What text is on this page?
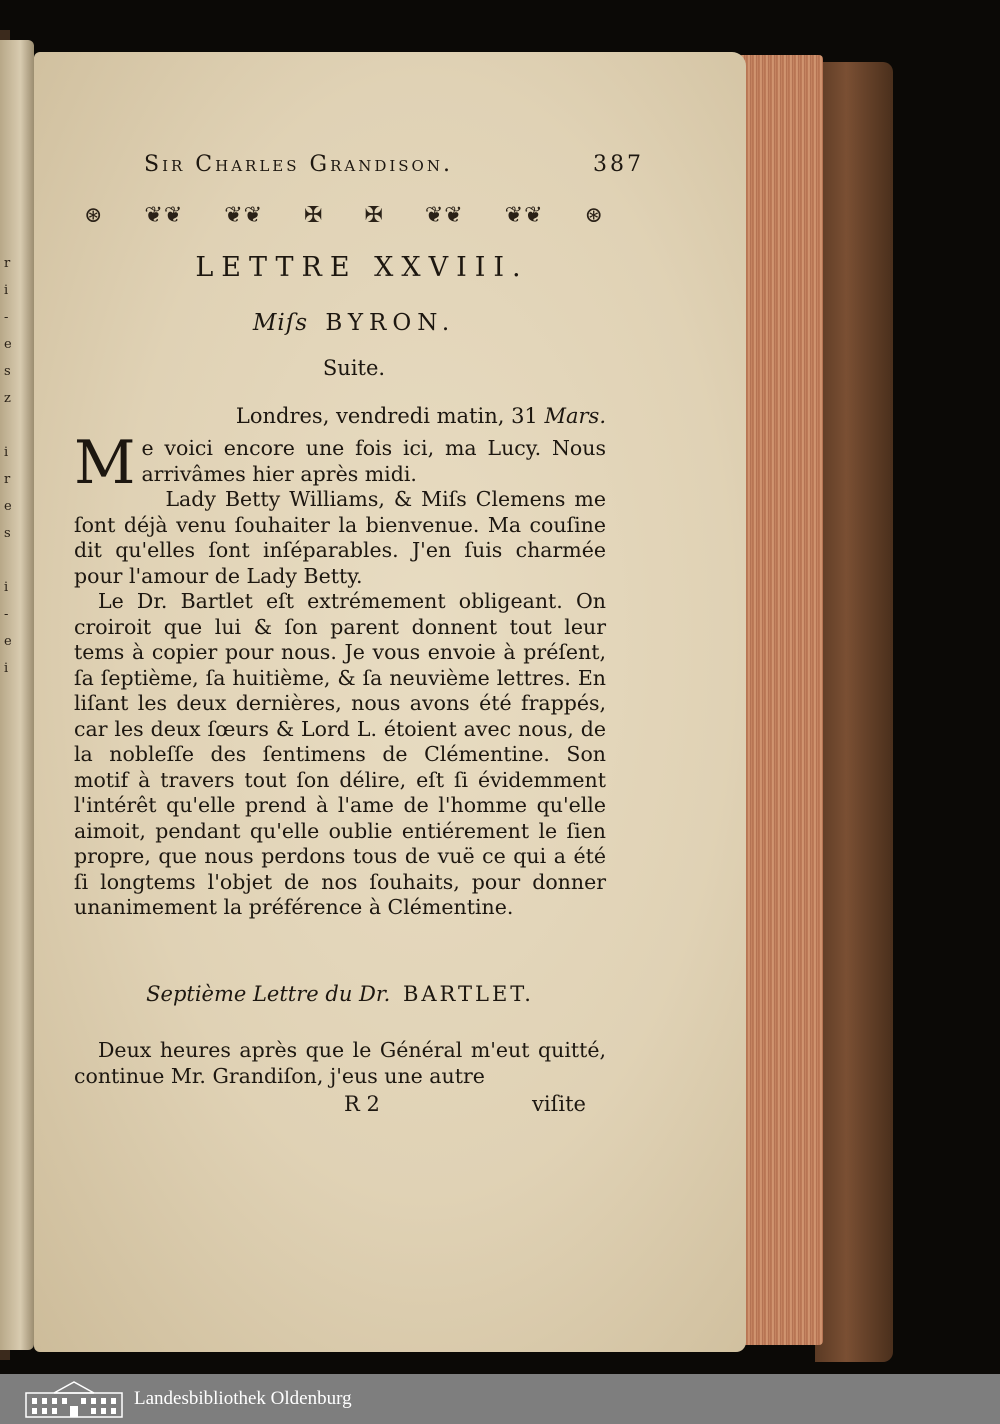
r
i
-
e
s
z

i
r
e
s

i
-
e
i
Sir Charles Grandison.	387
⊛ ❦❦ ❦❦ ✠ ✠ ❦❦ ❦❦ ⊛
LETTRE XXVIII.
Miſs BYRON.
Suite.
Londres, vendredi matin, 31 Mars.

M e voici encore une fois ici, ma Lucy. Nous arrivâmes hier après midi.

Lady Betty Williams, & Miſs Clemens me ſont déjà venu ſouhaiter la bienvenue. Ma couſine dit qu'elles ſont inſéparables. J'en ſuis charmée pour l'amour de Lady Betty.

Le Dr. Bartlet eſt extrémement obligeant. On croiroit que lui & ſon parent donnent tout leur tems à copier pour nous. Je vous envoie à préſent, ſa ſeptième, ſa huitième, & ſa neuvième lettres. En liſant les deux dernières, nous avons été frappés, car les deux ſœurs & Lord L. étoient avec nous, de la nobleſſe des ſentimens de Clémentine. Son motif à travers tout ſon délire, eſt ſi évidemment l'intérêt qu'elle prend à l'ame de l'homme qu'elle aimoit, pendant qu'elle oublie entiérement le ſien propre, que nous perdons tous de vuë ce qui a été ſi longtems l'objet de nos ſouhaits, pour donner unanimement la préférence à Clémentine.

Septième Lettre du Dr. BARTLET.

Deux heures après que le Général m'eut quitté, continue Mr. Grandiſon, j'eus une autre

R 2	viſite
Landesbibliothek Oldenburg
